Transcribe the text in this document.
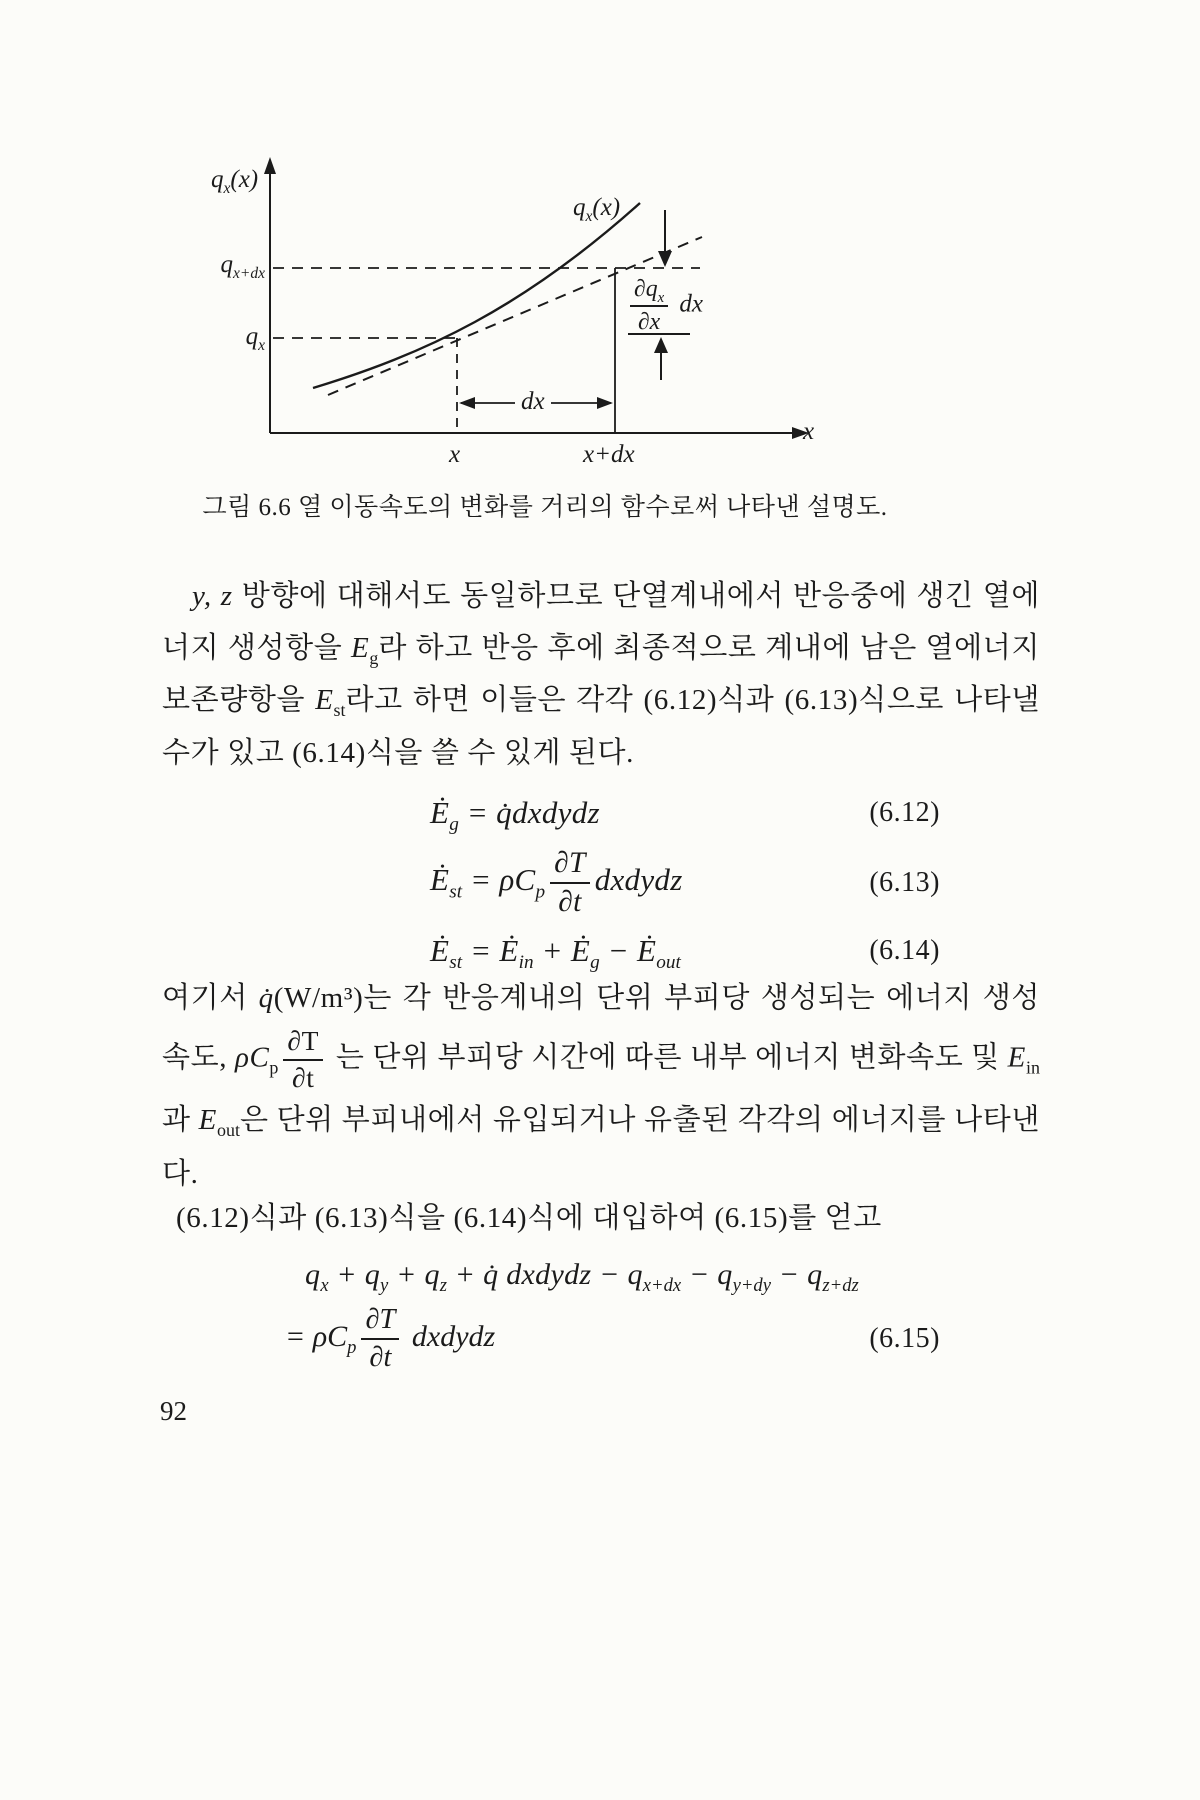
$q_x(x)$
$q_{x+dx}$
$q_x$
$q_x(x)$
$\frac{\partial q_x}{\partial x}$ dx
dx
x
x	x+dx
그림 6.6 열 이동속도의 변화를 거리의 함수로써 나타낸 설명도.

y, z 방향에 대해서도 동일하므로 단열계내에서 반응중에 생긴 열에너지 생성항을 $E_g$라 하고 반응 후에 최종적으로 계내에 남은 열에너지 보존량항을 $E_{st}$라고 하면 이들은 각각 (6.12)식과 (6.13)식으로 나타낼 수가 있고 (6.14)식을 쓸 수 있게 된다.

$Ė_g$ = q̇dxdydz	(6.12)
$Ė_{st} = \rho C_p \frac{\partial T}{\partial t}$ dxdydz	(6.13)
$Ė_{st}$ = $Ė_{in}$ + $Ė_g$ − $Ė_{out}$	(6.14)

여기서 q̇(W/m³)는 각 반응계내의 단위 부피당 생성되는 에너지 생성속도, $\rho C_p \frac{\partial T}{\partial t}$ 는 단위 부피당 시간에 따른 내부 에너지 변화속도 및 $E_{in}$과 $E_{out}$은 단위 부피내에서 유입되거나 유출된 각각의 에너지를 나타낸다.

(6.12)식과 (6.13)식을 (6.14)식에 대입하여 (6.15)를 얻고

$q_x + q_y + q_z$ + q̇ dxdydz − $q_{x+dx} - q_{y+dy} - q_{z+dz}$
= $\rho C_p \frac{\partial T}{\partial t}$ dxdydz	(6.15)
92
